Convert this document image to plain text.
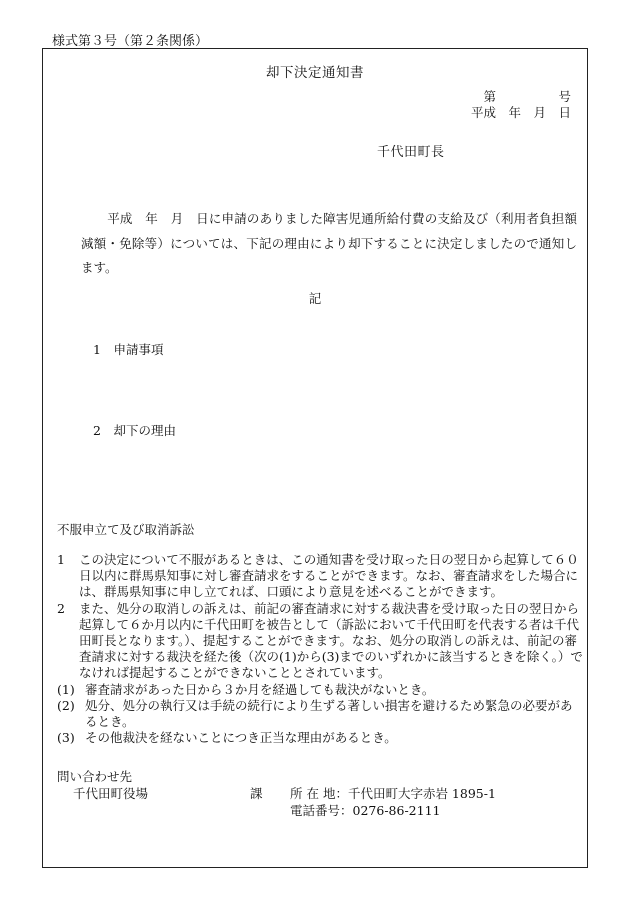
様式第３号（第２条関係）
却下決定通知書
第　　　　　号
平成　年　月　日
千代田町長
平成　年　月　日に申請のありました障害児通所給付費の支給及び（利用者負担額減額・免除等）については、下記の理由により却下することに決定しましたので通知します。
記
1　申請事項
2　却下の理由
不服申立て及び取消訴訟
1 この決定について不服があるときは、この通知書を受け取った日の翌日から起算して６０日以内に群馬県知事に対し審査請求をすることができます。なお、審査請求をした場合には、群馬県知事に申し立てれば、口頭により意見を述べることができます。
2 また、処分の取消しの訴えは、前記の審査請求に対する裁決書を受け取った日の翌日から起算して６か月以内に千代田町を被告として（訴訟において千代田町を代表する者は千代田町長となります。）、提起することができます。なお、処分の取消しの訴えは、前記の審査請求に対する裁決を経た後（次の(1)から(3)までのいずれかに該当するときを除く。）でなければ提起することができないこととされています。
(1) 審査請求があった日から３か月を経過しても裁決がないとき。
(2) 処分、処分の執行又は手続の続行により生ずる著しい損害を避けるため緊急の必要があるとき。
(3) その他裁決を経ないことにつき正当な理由があるとき。
問い合わせ先
千代田町役場	課 所 在 地：千代田町大字赤岩 1895-1
電話番号：0276-86-2111
